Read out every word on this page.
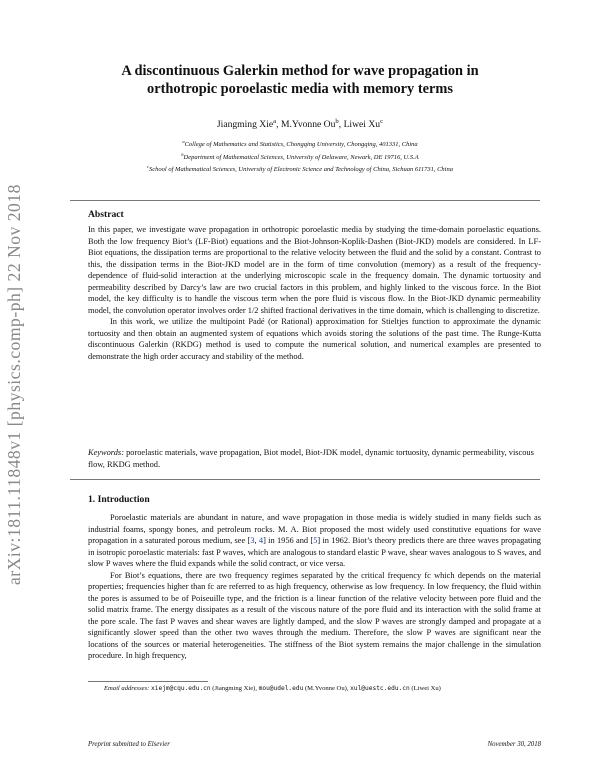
arXiv:1811.11848v1 [physics.comp-ph] 22 Nov 2018
A discontinuous Galerkin method for wave propagation in orthotropic poroelastic media with memory terms
Jiangming Xie$^a$, M.Yvonne Ou$^b$, Liwei Xu$^c$
$^a$College of Mathematics and Statistics, Chongqing University, Chongqing, 401331, China
$^b$Department of Mathematical Sciences, University of Delaware, Newark, DE 19716, U.S.A
$^c$School of Mathematical Sciences, University of Electronic Science and Technology of China, Sichuan 611731, China
Abstract

In this paper, we investigate wave propagation in orthotropic poroelastic media by studying the time-domain poroelastic equations. Both the low frequency Biot’s (LF-Biot) equations and the Biot-Johnson-Koplik-Dashen (Biot-JKD) models are considered. In LF-Biot equations, the dissipation terms are proportional to the relative velocity between the fluid and the solid by a constant. Contrast to this, the dissipation terms in the Biot-JKD model are in the form of time convolution (memory) as a result of the frequency-dependence of fluid-solid interaction at the underlying microscopic scale in the frequency domain. The dynamic tortuosity and permeability described by Darcy’s law are two crucial factors in this problem, and highly linked to the viscous force. In the Biot model, the key difficulty is to handle the viscous term when the pore fluid is viscous flow. In the Biot-JKD dynamic permeability model, the convolution operator involves order 1/2 shifted fractional derivatives in the time domain, which is challenging to discretize.

In this work, we utilize the multipoint Padé (or Rational) approximation for Stieltjes function to approximate the dynamic tortuosity and then obtain an augmented system of equations which avoids storing the solutions of the past time. The Runge-Kutta discontinuous Galerkin (RKDG) method is used to compute the numerical solution, and numerical examples are presented to demonstrate the high order accuracy and stability of the method.

Keywords: poroelastic materials, wave propagation, Biot model, Biot-JDK model, dynamic tortuosity, dynamic permeability, viscous flow, RKDG method.
1. Introduction

Poroelastic materials are abundant in nature, and wave propagation in those media is widely studied in many fields such as industrial foams, spongy bones, and petroleum rocks. M. A. Biot proposed the most widely used constitutive equations for wave propagation in a saturated porous medium, see [3, 4] in 1956 and [5] in 1962. Biot’s theory predicts there are three waves propagating in isotropic poroelastic materials: fast P waves, which are analogous to standard elastic P wave, shear waves analogous to S waves, and slow P waves where the fluid expands while the solid contract, or vice versa.

For Biot’s equations, there are two frequency regimes separated by the critical frequency fc which depends on the material properties; frequencies higher than fc are referred to as high frequency, otherwise as low frequency. In low frequency, the fluid within the pores is assumed to be of Poiseuille type, and the friction is a linear function of the relative velocity between pore fluid and the solid matrix frame. The energy dissipates as a result of the viscous nature of the pore fluid and its interaction with the solid frame at the pore scale. The fast P waves and shear waves are lightly damped, and the slow P waves are strongly damped and propagate at a significantly slower speed than the other two waves through the medium. Therefore, the slow P waves are significant near the locations of the sources or material heterogeneities. The stiffness of the Biot system remains the major challenge in the simulation procedure. In high frequency,

Email addresses: xiejm@cqu.edu.cn (Jiangming Xie), mou@udel.edu (M.Yvonne Ou), xul@uestc.edu.cn (Liwei Xu)
Preprint submitted to Elsevier	November 30, 2018
